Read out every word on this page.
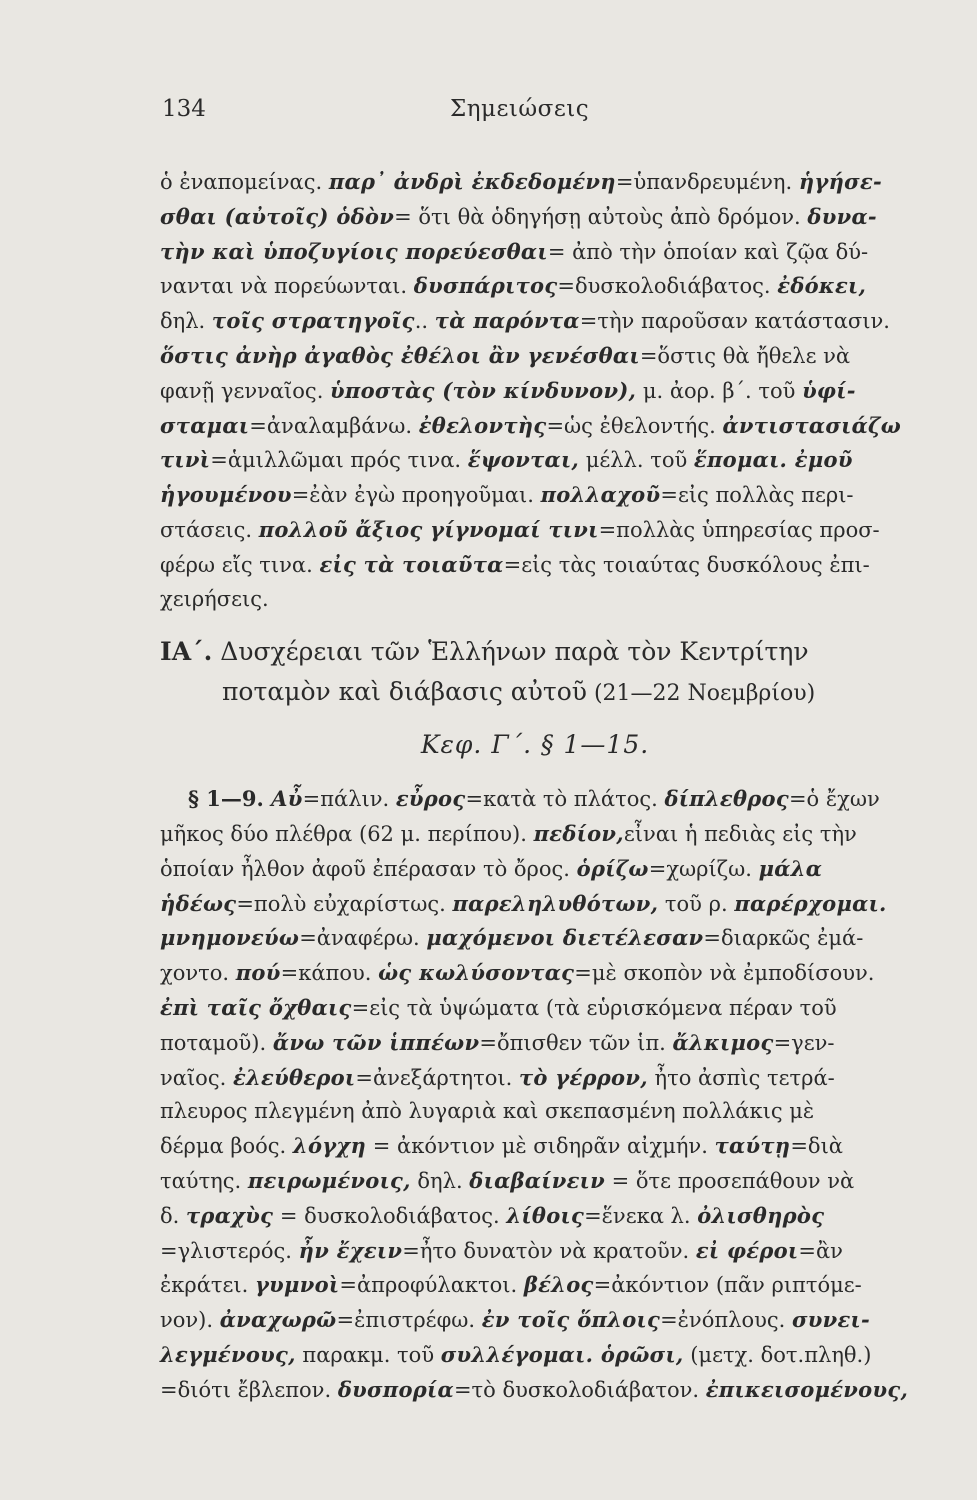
134	Σημειώσεις
ὁ ἐναπομείνας. παρ᾽ ἀνδρὶ ἐκδεδομένη=ὑπανδρευμένη. ἡγήσε-
σθαι (αὐτοῖς) ὁδὸν= ὅτι θὰ ὁδηγήσῃ αὐτοὺς ἀπὸ δρόμον. δυνα-
τὴν καὶ ὑποζυγίοις πορεύεσθαι= ἀπὸ τὴν ὁποίαν καὶ ζῷα δύ-
νανται νὰ πορεύωνται. δυσπάριτος=δυσκολοδιάβατος. ἐδόκει,
δηλ. τοῖς στρατηγοῖς.. τὰ παρόντα=τὴν παροῦσαν κατάστασιν.
ὅστις ἀνὴρ ἀγαθὸς ἐθέλοι ἂν γενέσθαι=ὅστις θὰ ἤθελε νὰ
φανῇ γενναῖος. ὑποστὰς (τὸν κίνδυνον), μ. ἀορ. β΄. τοῦ ὑφί-
σταμαι=ἀναλαμβάνω. ἐθελοντὴς=ὡς ἐθελοντής. ἀντιστασιάζω
τινὶ=ἁμιλλῶμαι πρός τινα. ἕψονται, μέλλ. τοῦ ἕπομαι. ἐμοῦ
ἡγουμένου=ἐὰν ἐγὼ προηγοῦμαι. πολλαχοῦ=εἰς πολλὰς περι-
στάσεις. πολλοῦ ἄξιος γίγνομαί τινι=πολλὰς ὑπηρεσίας προσ-
φέρω εἴς τινα. εἰς τὰ τοιαῦτα=εἰς τὰς τοιαύτας δυσκόλους ἐπι-
χειρήσεις.
ΙΑ΄. Δυσχέρειαι τῶν Ἑλλήνων παρὰ τὸν Κεντρίτην
ποταμὸν καὶ διάβασις αὐτοῦ (21—22 Νοεμβρίου)
Κεφ. Γ΄. § 1—15.
§ 1—9. Αὖ=πάλιν. εὖρος=κατὰ τὸ πλάτος. δίπλεθρος=ὁ ἔχων
μῆκος δύο πλέθρα (62 μ. περίπου). πεδίον,εἶναι ἡ πεδιὰς εἰς τὴν
ὁποίαν ἦλθον ἀφοῦ ἐπέρασαν τὸ ὄρος. ὁρίζω=χωρίζω. μάλα
ἡδέως=πολὺ εὐχαρίστως. παρεληλυθότων, τοῦ ρ. παρέρχομαι.
μνημονεύω=ἀναφέρω. μαχόμενοι διετέλεσαν=διαρκῶς ἐμά-
χοντο. πού=κάπου. ὡς κωλύσοντας=μὲ σκοπὸν νὰ ἐμποδίσουν.
ἐπὶ ταῖς ὄχθαις=εἰς τὰ ὑψώματα (τὰ εὑρισκόμενα πέραν τοῦ
ποταμοῦ). ἄνω τῶν ἱππέων=ὄπισθεν τῶν ἱπ. ἄλκιμος=γεν-
ναῖος. ἐλεύθεροι=ἀνεξάρτητοι. τὸ γέρρον, ἦτο ἀσπὶς τετρά-
πλευρος πλεγμένη ἀπὸ λυγαριὰ καὶ σκεπασμένη πολλάκις μὲ
δέρμα βοός. λόγχη = ἀκόντιον μὲ σιδηρᾶν αἰχμήν. ταύτῃ=διὰ
ταύτης. πειρωμένοις, δηλ. διαβαίνειν = ὅτε προσεπάθουν νὰ
δ. τραχὺς = δυσκολοδιάβατος. λίθοις=ἕνεκα λ. ὀλισθηρὸς
=γλιστερός. ἦν ἔχειν=ἦτο δυνατὸν νὰ κρατοῦν. εἰ φέροι=ἂν
ἐκράτει. γυμνοὶ=ἀπροφύλακτοι. βέλος=ἀκόντιον (πᾶν ριπτόμε-
νον). ἀναχωρῶ=ἐπιστρέφω. ἐν τοῖς ὅπλοις=ἐνόπλους. συνει-
λεγμένους, παρακμ. τοῦ συλλέγομαι. ὁρῶσι, (μετχ. δοτ.πληθ.)
=διότι ἔβλεπον. δυσπορία=τὸ δυσκολοδιάβατον. ἐπικεισομένους,
